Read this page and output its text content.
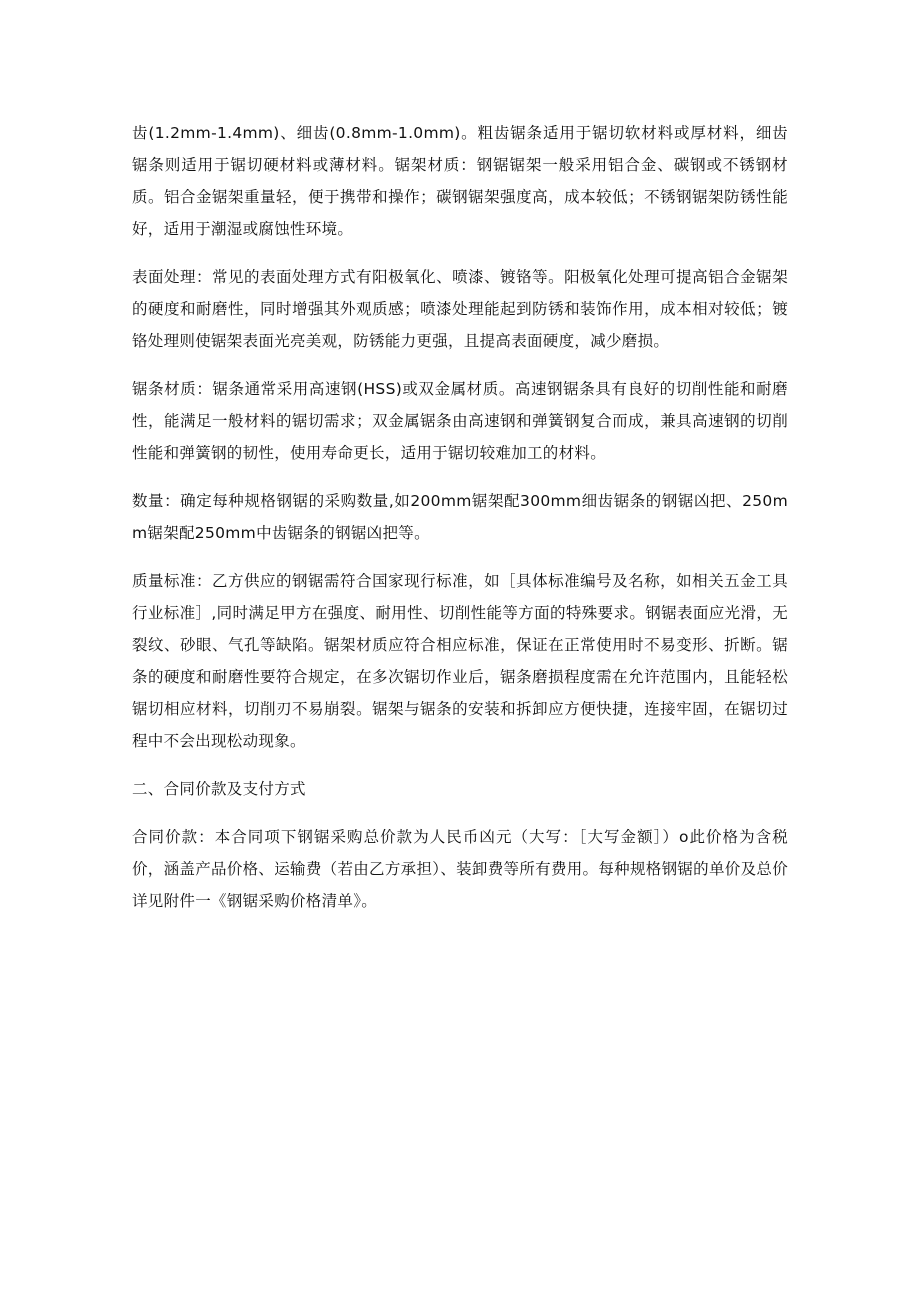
齿(1.2mm-1.4mm)、细齿(0.8mm-1.0mm)。粗齿锯条适用于锯切软材料或厚材料，细齿锯条则适用于锯切硬材料或薄材料。锯架材质：钢锯锯架一般采用铝合金、碳钢或不锈钢材质。铝合金锯架重量轻，便于携带和操作；碳钢锯架强度高，成本较低；不锈钢锯架防锈性能好，适用于潮湿或腐蚀性环境。

表面处理：常见的表面处理方式有阳极氧化、喷漆、镀铬等。阳极氧化处理可提高铝合金锯架的硬度和耐磨性，同时增强其外观质感；喷漆处理能起到防锈和装饰作用，成本相对较低；镀铬处理则使锯架表面光亮美观，防锈能力更强，且提高表面硬度，减少磨损。

锯条材质：锯条通常采用高速钢(HSS)或双金属材质。高速钢锯条具有良好的切削性能和耐磨性，能满足一般材料的锯切需求；双金属锯条由高速钢和弹簧钢复合而成，兼具高速钢的切削性能和弹簧钢的韧性，使用寿命更长，适用于锯切较难加工的材料。

数量：确定每种规格钢锯的采购数量,如200mm锯架配300mm细齿锯条的钢锯凶把、250mm锯架配250mm中齿锯条的钢锯凶把等。

质量标准：乙方供应的钢锯需符合国家现行标准，如［具体标准编号及名称，如相关五金工具行业标准］,同时满足甲方在强度、耐用性、切削性能等方面的特殊要求。钢锯表面应光滑，无裂纹、砂眼、气孔等缺陷。锯架材质应符合相应标准，保证在正常使用时不易变形、折断。锯条的硬度和耐磨性要符合规定，在多次锯切作业后，锯条磨损程度需在允许范围内，且能轻松锯切相应材料，切削刃不易崩裂。锯架与锯条的安装和拆卸应方便快捷，连接牢固，在锯切过程中不会出现松动现象。

二、合同价款及支付方式

合同价款：本合同项下钢锯采购总价款为人民币凶元（大写：［大写金额］）o此价格为含税价，涵盖产品价格、运输费（若由乙方承担）、装卸费等所有费用。每种规格钢锯的单价及总价详见附件一《钢锯采购价格清单》。
